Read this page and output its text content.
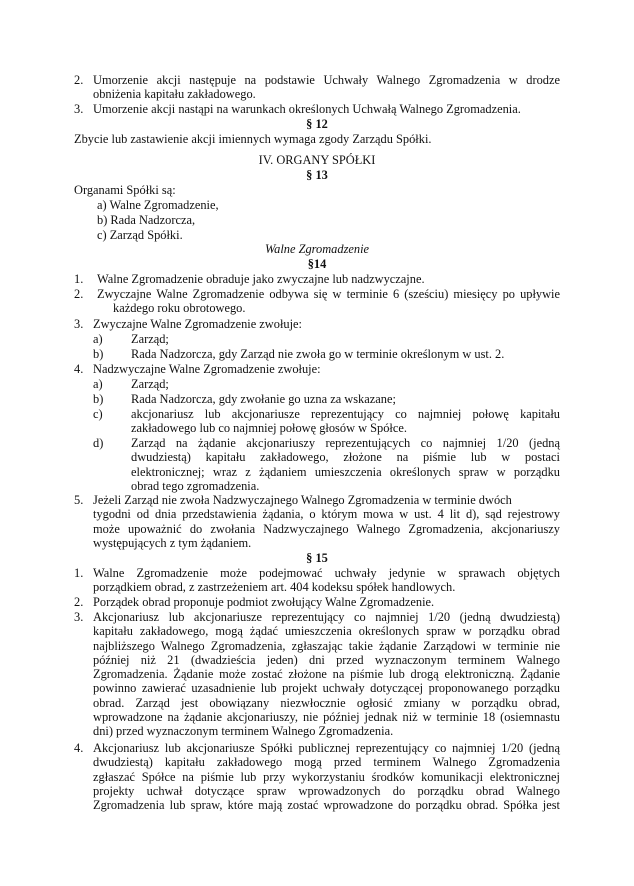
2. Umorzenie akcji następuje na podstawie Uchwały Walnego Zgromadzenia w drodze
obniżenia kapitału zakładowego.
3. Umorzenie akcji nastąpi na warunkach określonych Uchwałą Walnego Zgromadzenia.
§ 12
Zbycie lub zastawienie akcji imiennych wymaga zgody Zarządu Spółki.
IV. ORGANY SPÓŁKI
§ 13
Organami Spółki są:
a) Walne Zgromadzenie,
b) Rada Nadzorcza,
c) Zarząd Spółki.
Walne Zgromadzenie
§14
1. Walne Zgromadzenie obraduje jako zwyczajne lub nadzwyczajne.
2. Zwyczajne Walne Zgromadzenie odbywa się w terminie 6 (sześciu) miesięcy po upływie
każdego roku obrotowego.
3. Zwyczajne Walne Zgromadzenie zwołuje:
a) Zarząd;
b) Rada Nadzorcza, gdy Zarząd nie zwoła go w terminie określonym w ust. 2.
4. Nadzwyczajne Walne Zgromadzenie zwołuje:
a) Zarząd;
b) Rada Nadzorcza, gdy zwołanie go uzna za wskazane;
c) akcjonariusz lub akcjonariusze reprezentujący co najmniej połowę kapitału
zakładowego lub co najmniej połowę głosów w Spółce.
d) Zarząd na żądanie akcjonariuszy reprezentujących co najmniej 1/20 (jedną
dwudziestą) kapitału zakładowego, złożone na piśmie lub w postaci
elektronicznej; wraz z żądaniem umieszczenia określonych spraw w porządku
obrad tego zgromadzenia.
5. Jeżeli Zarząd nie zwoła Nadzwyczajnego Walnego Zgromadzenia w terminie dwóch
tygodni od dnia przedstawienia żądania, o którym mowa w ust. 4 lit d), sąd rejestrowy
może upoważnić do zwołania Nadzwyczajnego Walnego Zgromadzenia, akcjonariuszy
występujących z tym żądaniem.
§ 15
1. Walne Zgromadzenie może podejmować uchwały jedynie w sprawach objętych
porządkiem obrad, z zastrzeżeniem art. 404 kodeksu spółek handlowych.
2. Porządek obrad proponuje podmiot zwołujący Walne Zgromadzenie.
3. Akcjonariusz lub akcjonariusze reprezentujący co najmniej 1/20 (jedną dwudziestą)
kapitału zakładowego, mogą żądać umieszczenia określonych spraw w porządku obrad
najbliższego Walnego Zgromadzenia, zgłaszając takie żądanie Zarządowi w terminie nie
później niż 21 (dwadzieścia jeden) dni przed wyznaczonym terminem Walnego
Zgromadzenia. Żądanie może zostać złożone na piśmie lub drogą elektroniczną. Żądanie
powinno zawierać uzasadnienie lub projekt uchwały dotyczącej proponowanego porządku
obrad. Zarząd jest obowiązany niezwłocznie ogłosić zmiany w porządku obrad,
wprowadzone na żądanie akcjonariuszy, nie później jednak niż w terminie 18 (osiemnastu
dni) przed wyznaczonym terminem Walnego Zgromadzenia.
4. Akcjonariusz lub akcjonariusze Spółki publicznej reprezentujący co najmniej 1/20 (jedną
dwudziestą) kapitału zakładowego mogą przed terminem Walnego Zgromadzenia
zgłaszać Spółce na piśmie lub przy wykorzystaniu środków komunikacji elektronicznej
projekty uchwał dotyczące spraw wprowadzonych do porządku obrad Walnego
Zgromadzenia lub spraw, które mają zostać wprowadzone do porządku obrad. Spółka jest
